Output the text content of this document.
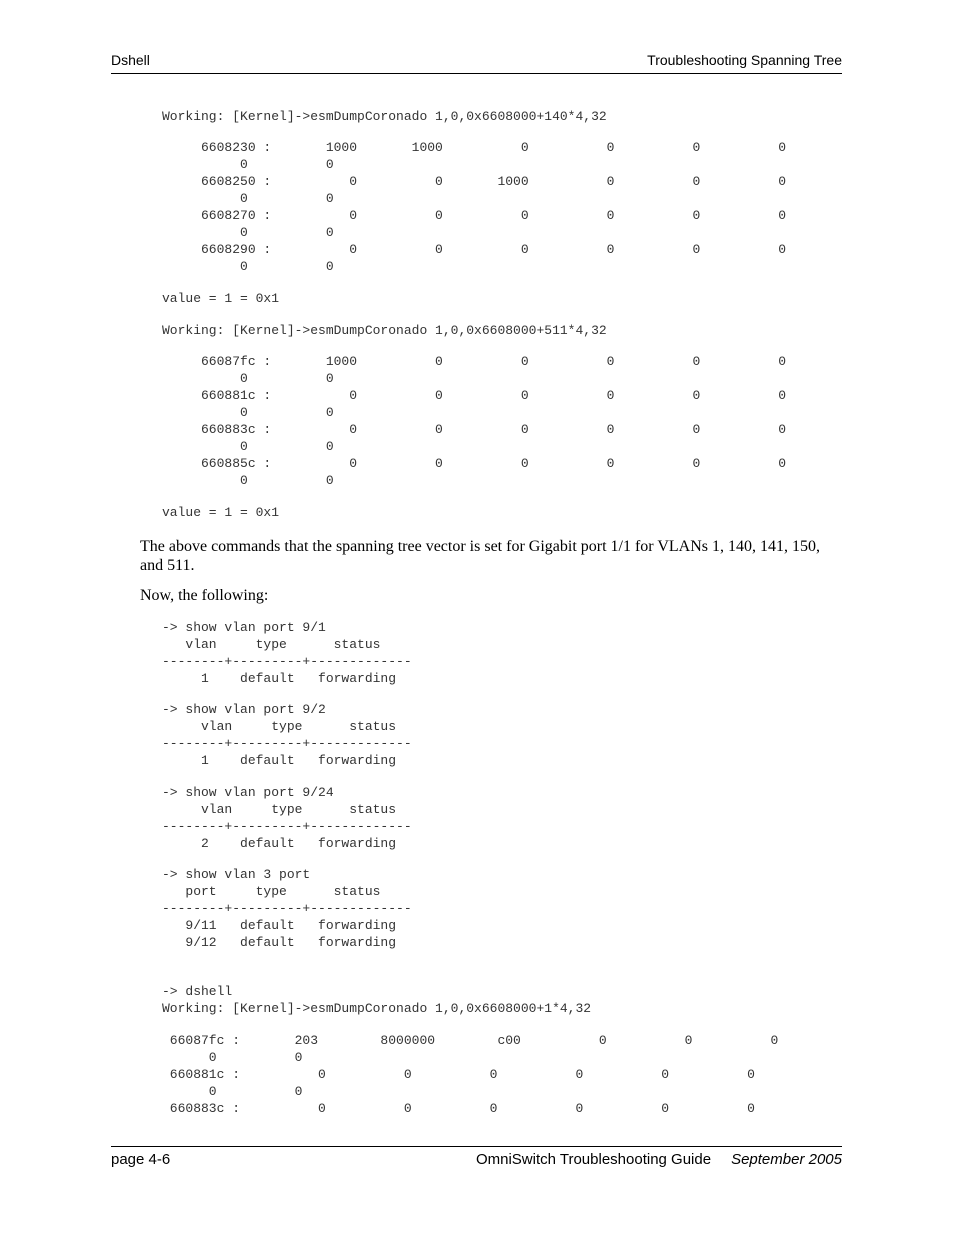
Dshell	Troubleshooting Spanning Tree
Working: [Kernel]->esmDumpCoronado 1,0,0x6608000+140*4,32
6608230 :       1000       1000          0          0          0          0
0          0
6608250 :          0          0       1000          0          0          0
0          0
6608270 :          0          0          0          0          0          0
0          0
6608290 :          0          0          0          0          0          0
0          0
value = 1 = 0x1
Working: [Kernel]->esmDumpCoronado 1,0,0x6608000+511*4,32
66087fc :       1000          0          0          0          0          0
0          0
660881c :          0          0          0          0          0          0
0          0
660883c :          0          0          0          0          0          0
0          0
660885c :          0          0          0          0          0          0
0          0
value = 1 = 0x1
The above commands that the spanning tree vector is set for Gigabit port 1/1 for VLANs 1, 140, 141, 150, and 511.
Now, the following:
-> show vlan port 9/1
vlan     type      status
--------+---------+-------------
1    default   forwarding
-> show vlan port 9/2
vlan     type      status
--------+---------+-------------
1    default   forwarding
-> show vlan port 9/24
vlan     type      status
--------+---------+-------------
2    default   forwarding
-> show vlan 3 port
port     type      status
--------+---------+-------------
9/11   default   forwarding
9/12   default   forwarding
-> dshell
Working: [Kernel]->esmDumpCoronado 1,0,0x6608000+1*4,32
66087fc :       203        8000000        c00          0          0          0
0          0
660881c :          0          0          0          0          0          0
0          0
660883c :          0          0          0          0          0          0
page 4-6	OmniSwitch Troubleshooting Guide September 2005
